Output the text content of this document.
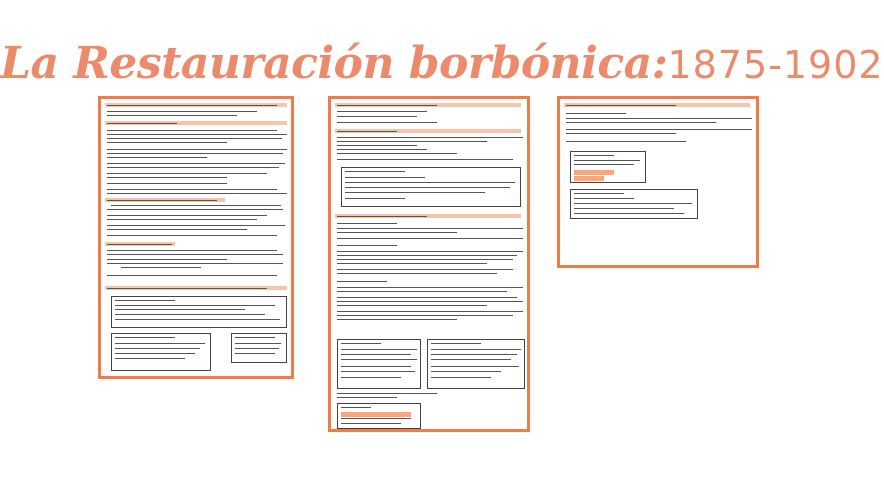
La Restauración borbónica:1875-1902
